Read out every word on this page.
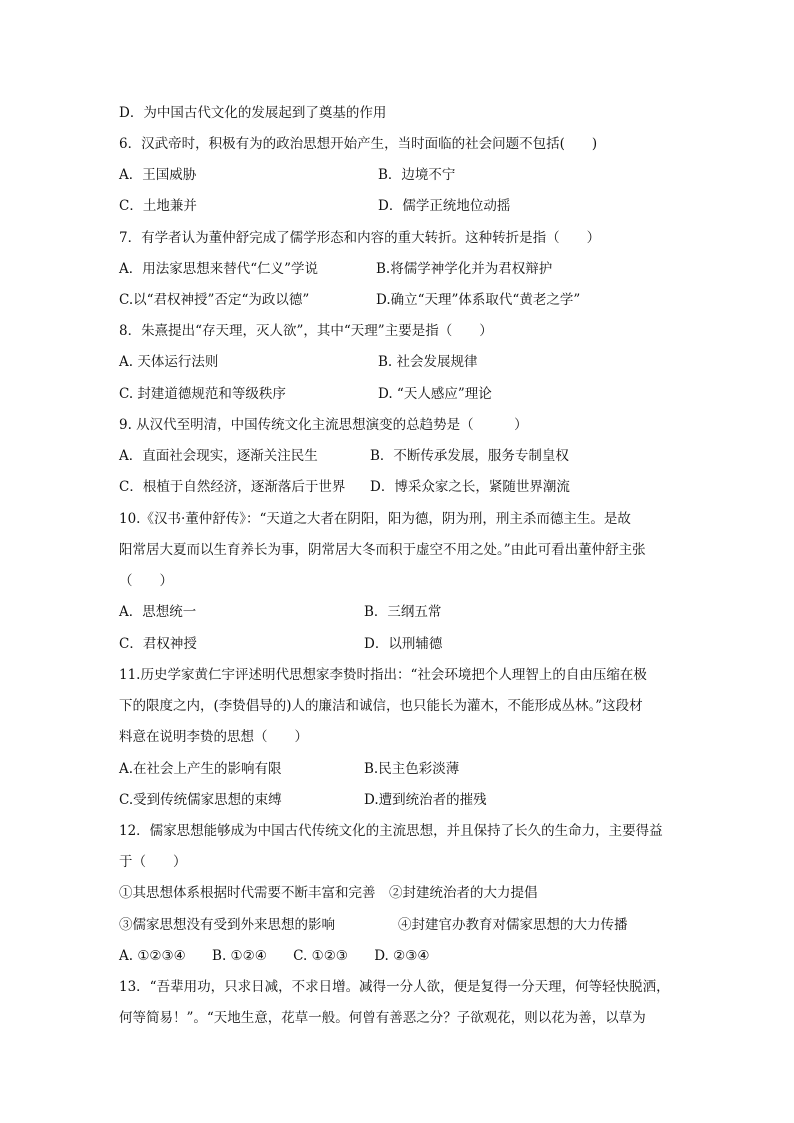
D．为中国古代文化的发展起到了奠基的作用
6．汉武帝时，积极有为的政治思想开始产生，当时面临的社会问题不包括(　　)
A．王国威胁	B．边境不宁
C．土地兼并	D．儒学正统地位动摇
7．有学者认为董仲舒完成了儒学形态和内容的重大转折。这种转折是指（　　）
A．用法家思想来替代“仁义”学说	B.将儒学神学化并为君权辩护
C.以“君权神授”否定“为政以德”	D.确立“天理”体系取代“黄老之学”
8．朱熹提出“存天理，灭人欲”，其中“天理”主要是指（　　）
A. 天体运行法则	B. 社会发展规律
C. 封建道德规范和等级秩序	D. “天人感应”理论
9. 从汉代至明清，中国传统文化主流思想演变的总趋势是（　　　）
A．直面社会现实，逐渐关注民生	B．不断传承发展，服务专制皇权
C．根植于自然经济，逐渐落后于世界 D．博采众家之长，紧随世界潮流
10.《汉书·董仲舒传》：“天道之大者在阴阳，阳为德，阴为刑，刑主杀而德主生。是故
阳常居大夏而以生育养长为事，阴常居大冬而积于虚空不用之处。”由此可看出董仲舒主张
（　　）
A．思想统一	B．三纲五常
C．君权神授	D．以刑辅德
11.历史学家黄仁宇评述明代思想家李贽时指出：“社会环境把个人理智上的自由压缩在极
下的限度之内，(李贽倡导的)人的廉洁和诚信，也只能长为灌木，不能形成丛林。”这段材
料意在说明李贽的思想（　　）
A.在社会上产生的影响有限	B.民主色彩淡薄
C.受到传统儒家思想的束缚	D.遭到统治者的摧残
12．儒家思想能够成为中国古代传统文化的主流思想，并且保持了长久的生命力，主要得益
于（　　）
①其思想体系根据时代需要不断丰富和完善　②封建统治者的大力提倡
③儒家思想没有受到外来思想的影响	④封建官办教育对儒家思想的大力传播
A. ①②③④ B. ①②④ C. ①②③ D. ②③④
13．“吾辈用功，只求日减，不求日增。减得一分人欲，便是复得一分天理，何等轻快脱洒，
何等简易！”。“天地生意，花草一般。何曾有善恶之分？子欲观花，则以花为善，以草为
